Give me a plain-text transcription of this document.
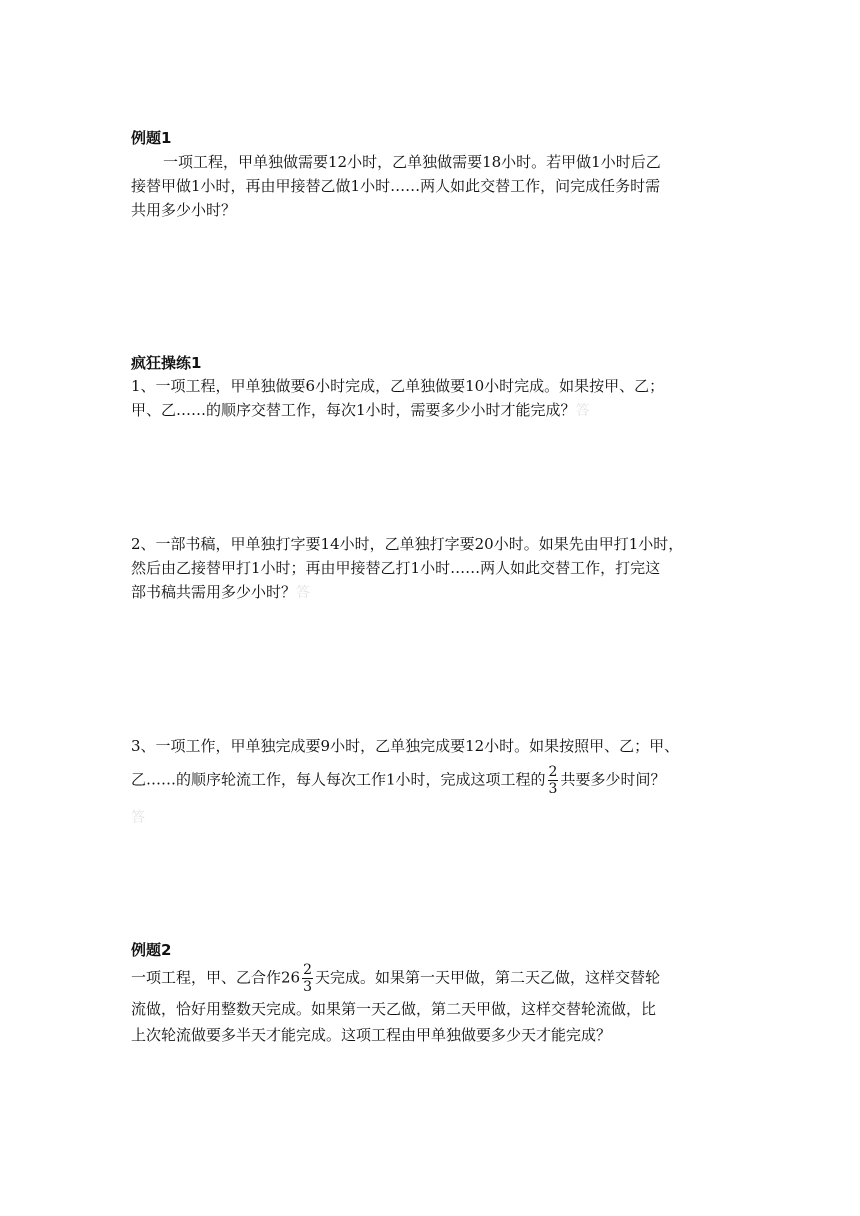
例题1
一项工程，甲单独做需要12小时，乙单独做需要18小时。若甲做1小时后乙
接替甲做1小时，再由甲接替乙做1小时……两人如此交替工作，问完成任务时需
共用多少小时？
疯狂操练1
1、一项工程，甲单独做要6小时完成，乙单独做要10小时完成。如果按甲、乙；
甲、乙……的顺序交替工作，每次1小时，需要多少小时才能完成？答
2、一部书稿，甲单独打字要14小时，乙单独打字要20小时。如果先由甲打1小时，
然后由乙接替甲打1小时；再由甲接替乙打1小时……两人如此交替工作，打完这
部书稿共需用多少小时？答
3、一项工作，甲单独完成要9小时，乙单独完成要12小时。如果按照甲、乙；甲、
乙……的顺序轮流工作，每人每次工作1小时，完成这项工程的 $\frac{2}{3}$ 共要多少时间？
答
例题2
一项工程，甲、乙合作$26 \frac{2}{3}$ 天完成。如果第一天甲做，第二天乙做，这样交替轮
流做，恰好用整数天完成。如果第一天乙做，第二天甲做，这样交替轮流做，比
上次轮流做要多半天才能完成。这项工程由甲单独做要多少天才能完成？
